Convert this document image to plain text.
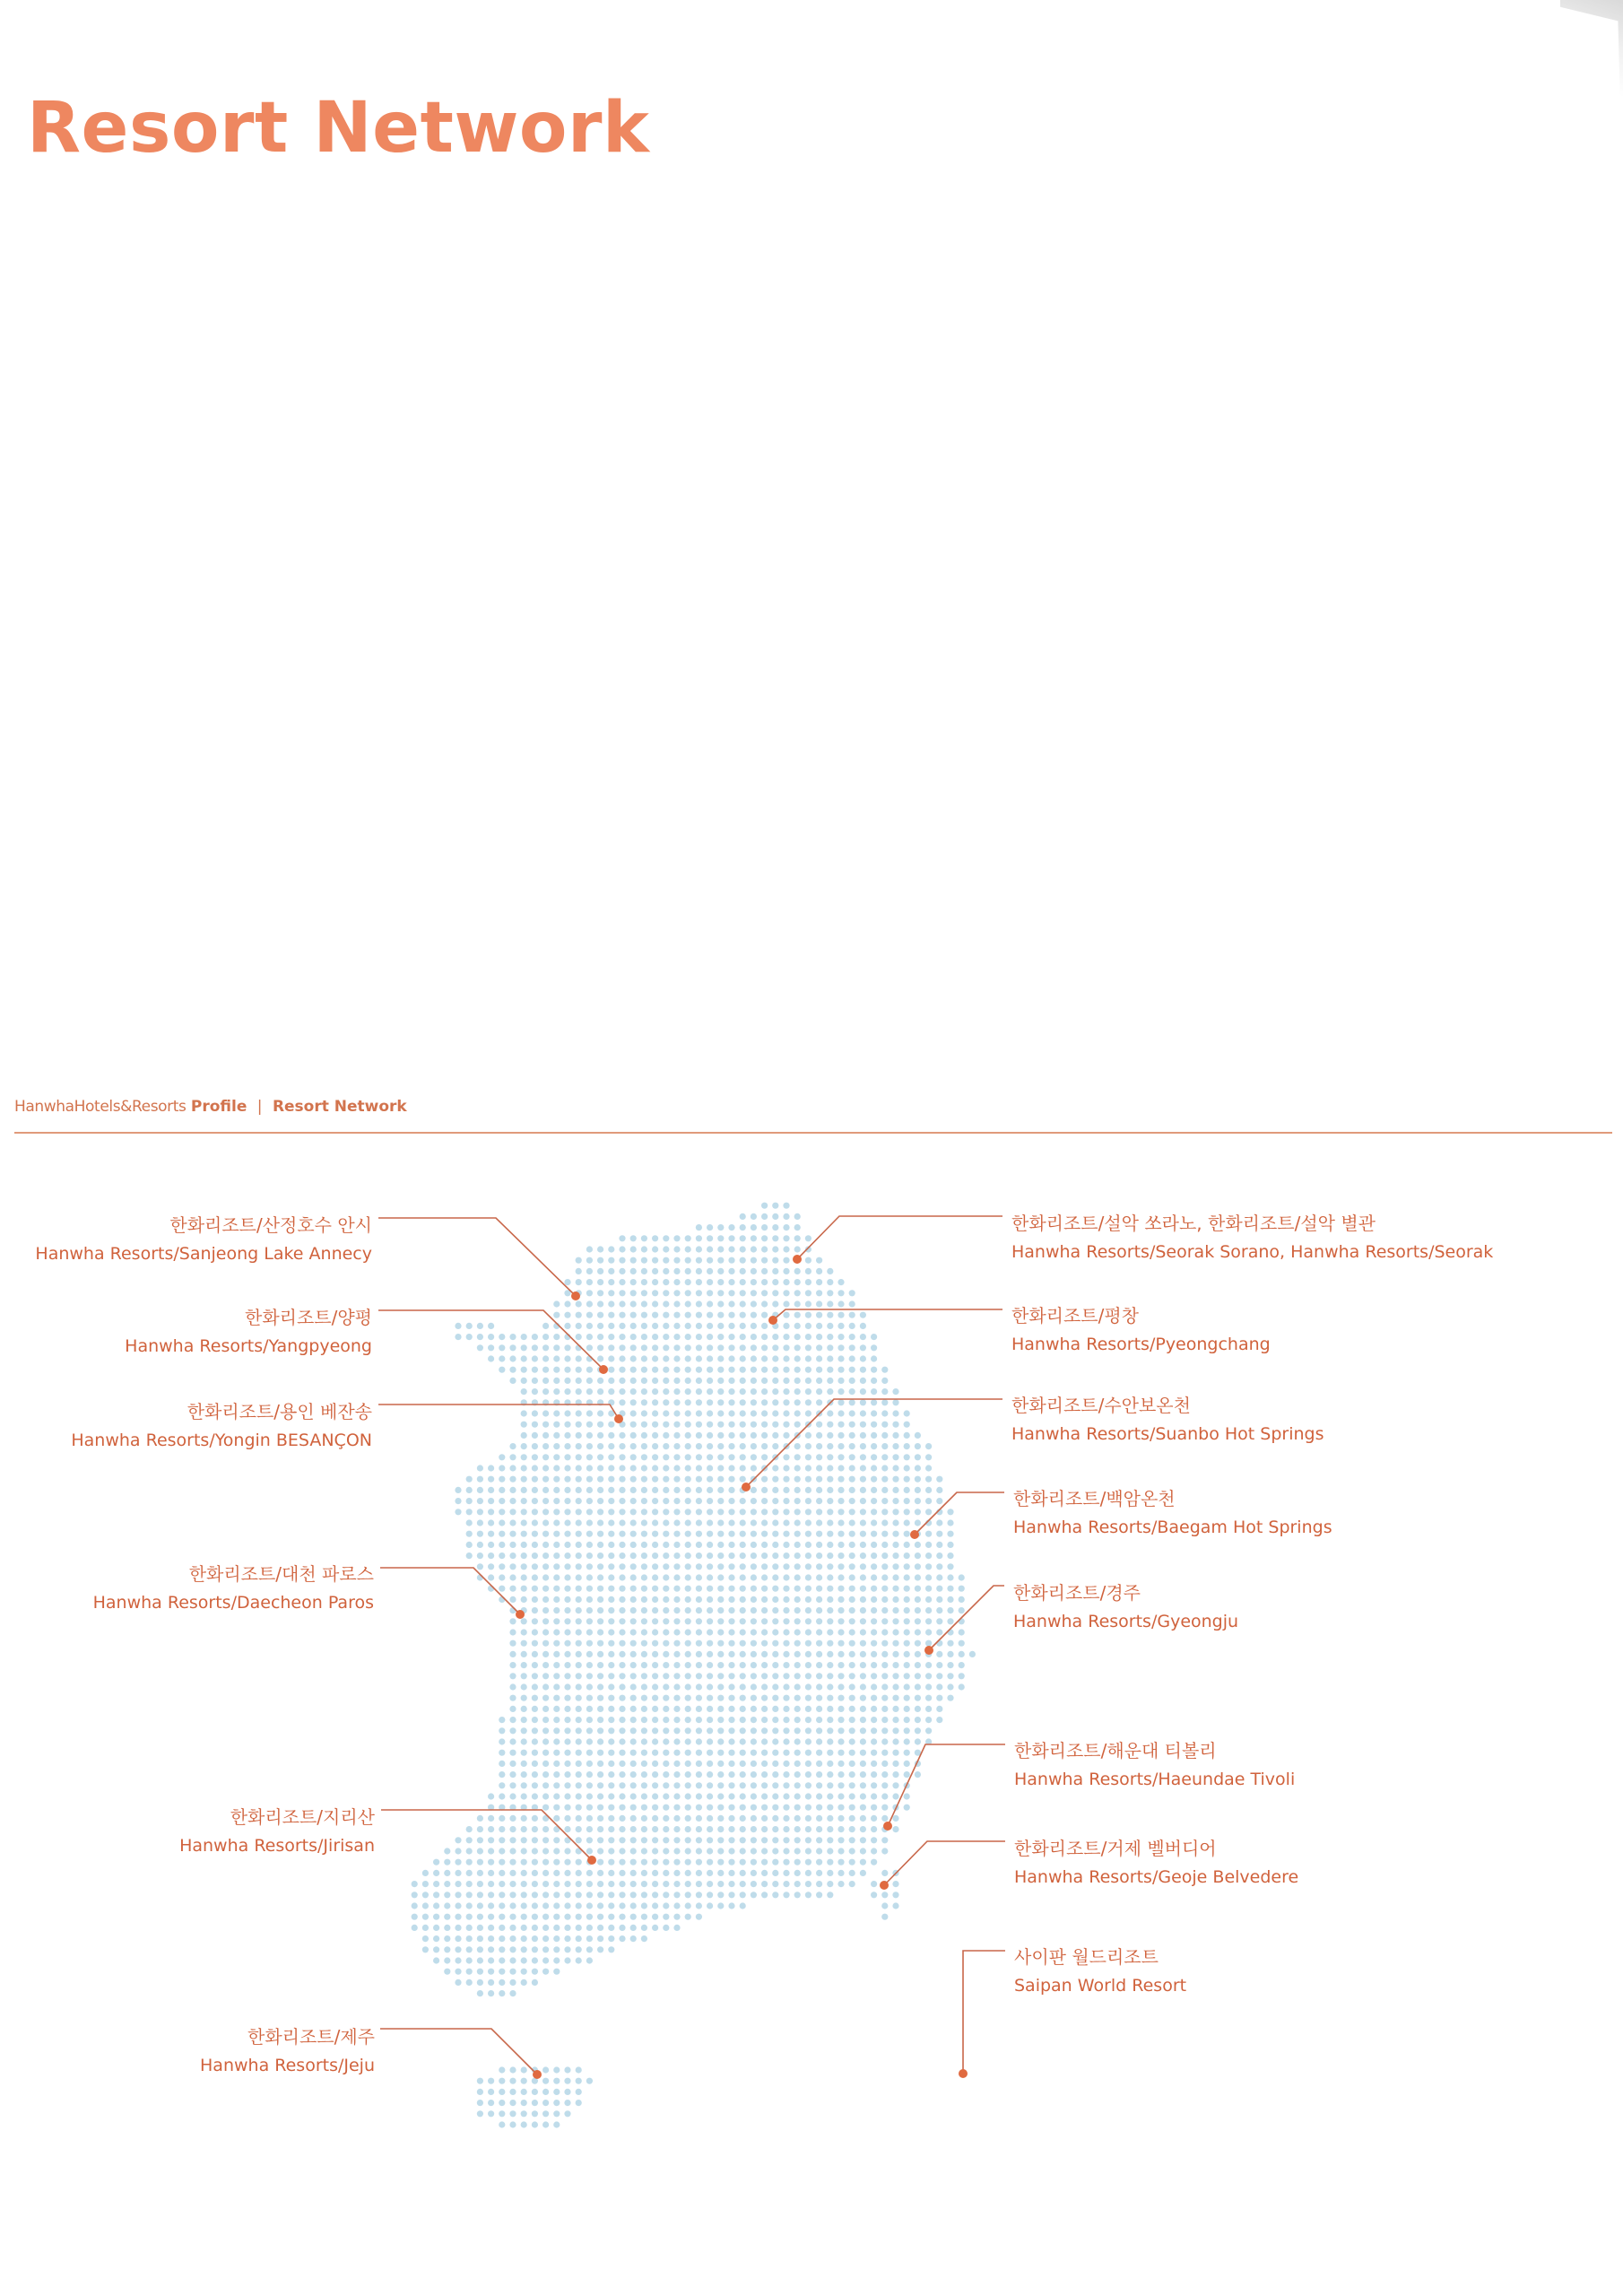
Resort Network
HanwhaHotels&Resorts Profile | Resort Network
한화리조트/산정호수 안시
Hanwha Resorts/Sanjeong Lake Annecy
한화리조트/양평
Hanwha Resorts/Yangpyeong
한화리조트/용인 베잔송
Hanwha Resorts/Yongin BESANÇON
한화리조트/대천 파로스
Hanwha Resorts/Daecheon Paros
한화리조트/지리산
Hanwha Resorts/Jirisan
한화리조트/제주
Hanwha Resorts/Jeju
한화리조트/설악 쏘라노, 한화리조트/설악 별관
Hanwha Resorts/Seorak Sorano, Hanwha Resorts/Seorak
한화리조트/평창
Hanwha Resorts/Pyeongchang
한화리조트/수안보온천
Hanwha Resorts/Suanbo Hot Springs
한화리조트/백암온천
Hanwha Resorts/Baegam Hot Springs
한화리조트/경주
Hanwha Resorts/Gyeongju
한화리조트/해운대 티볼리
Hanwha Resorts/Haeundae Tivoli
한화리조트/거제 벨버디어
Hanwha Resorts/Geoje Belvedere
사이판 월드리조트
Saipan World Resort
